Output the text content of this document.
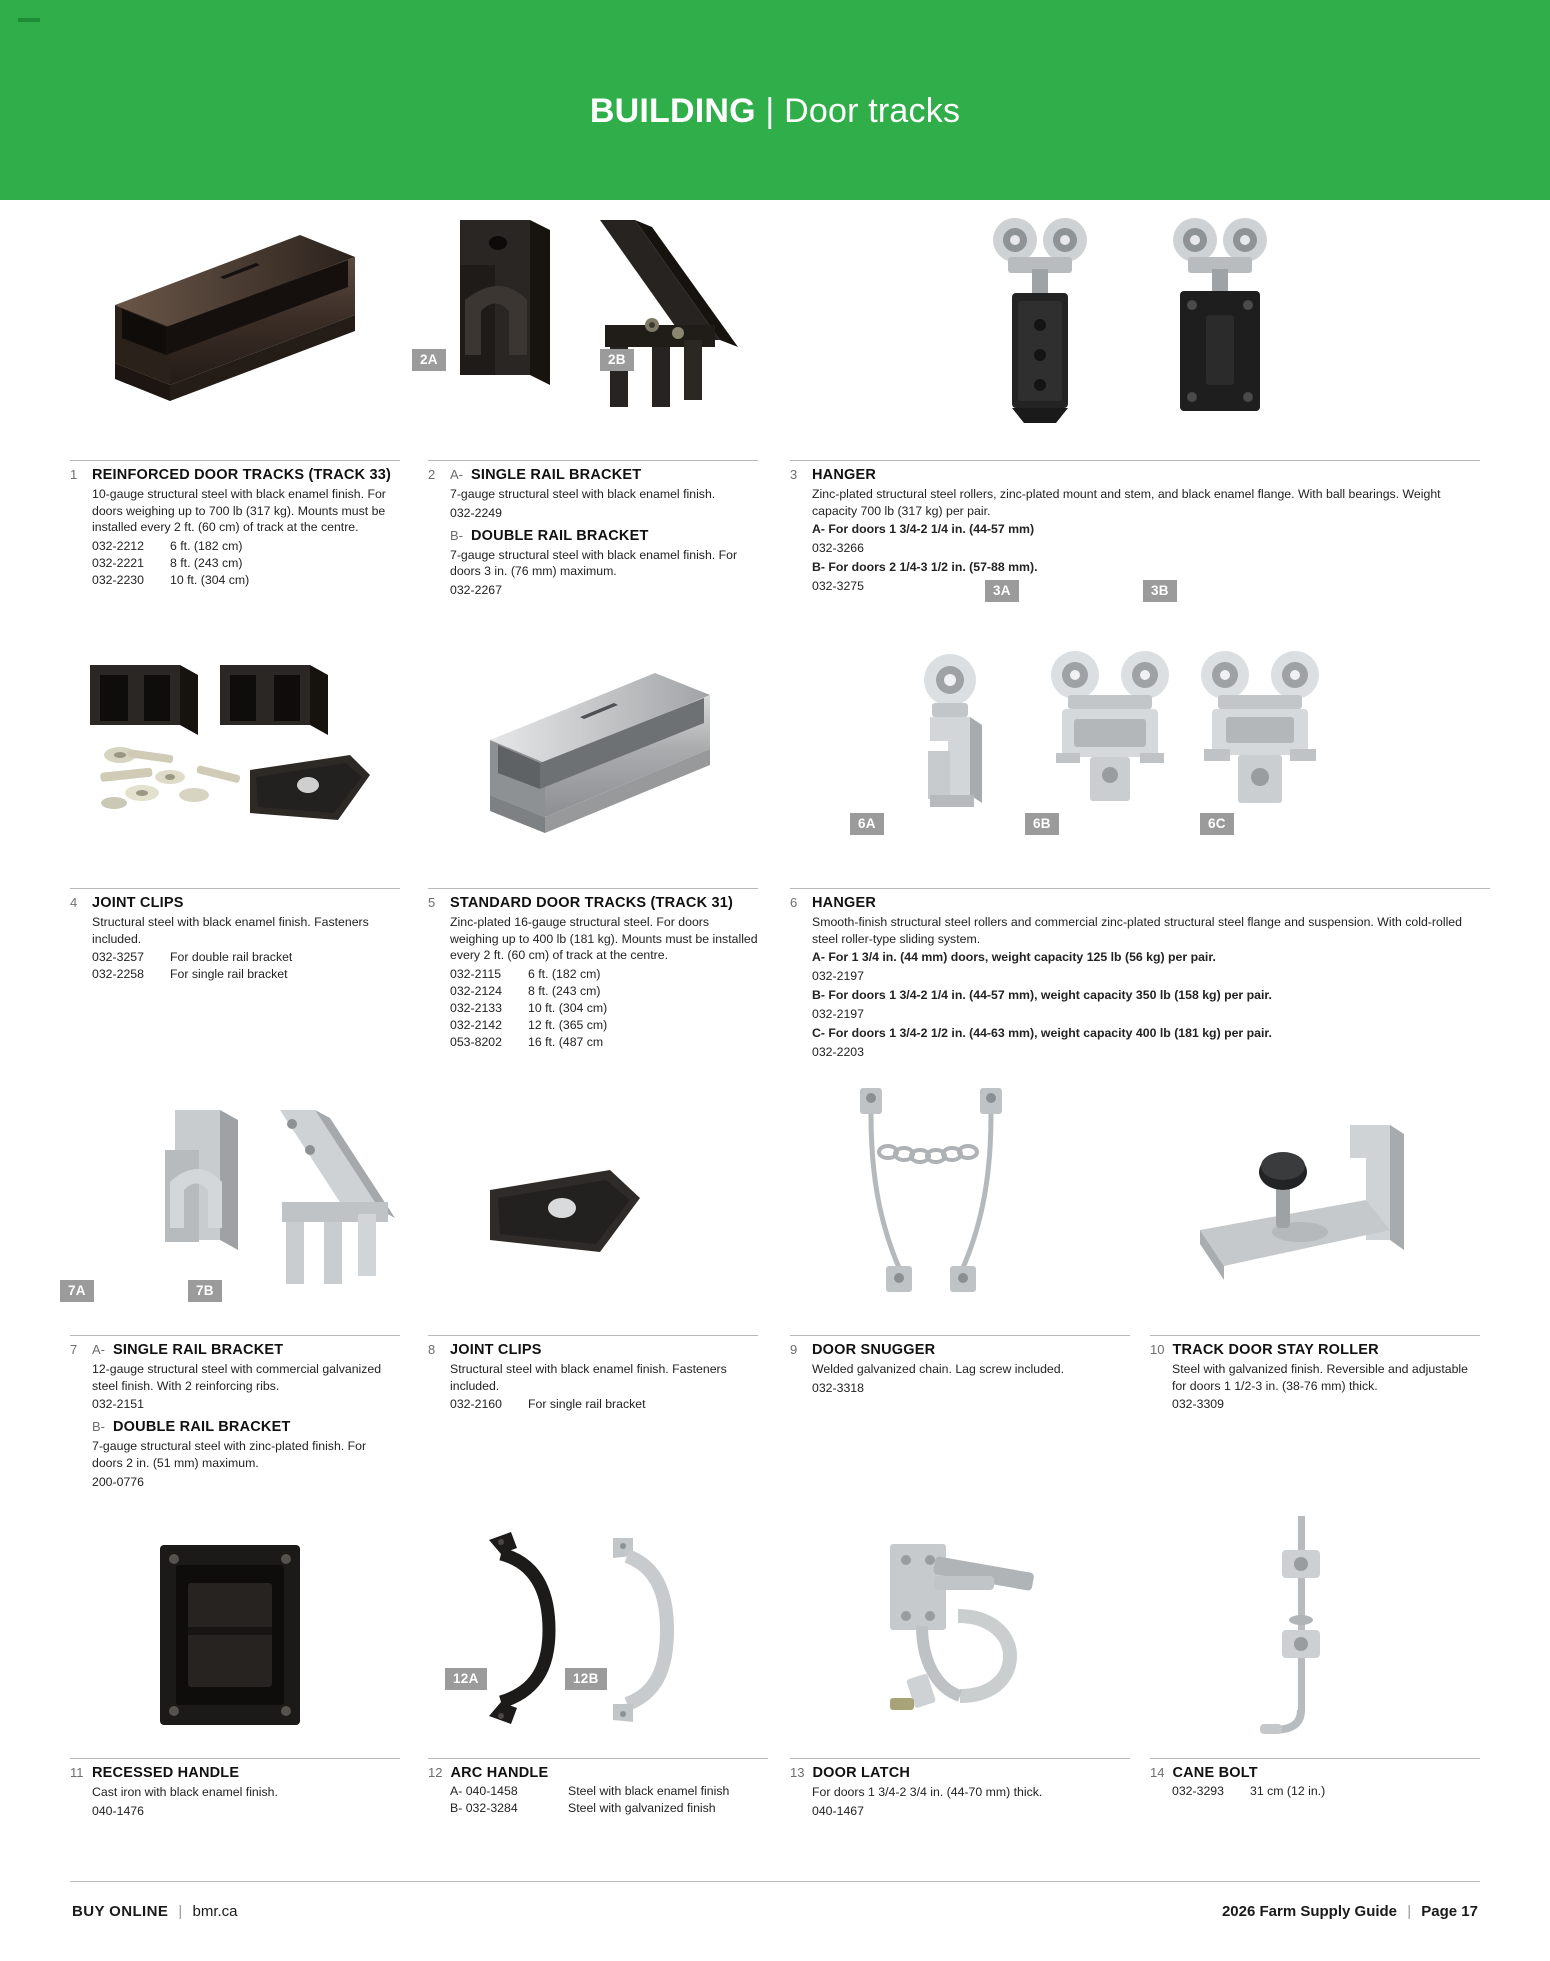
BUILDING | Door tracks
2A	2B
3A	3B
1	REINFORCED DOOR TRACKS (TRACK 33)
10-gauge structural steel with black enamel finish. For doors weighing up to 700 lb (317 kg). Mounts must be installed every 2 ft. (60 cm) of track at the centre.
032-2212	6 ft. (182 cm)
032-2221	8 ft. (243 cm)
032-2230	10 ft. (304 cm)
2	A- SINGLE RAIL BRACKET
7-gauge structural steel with black enamel finish.
032-2249
B- DOUBLE RAIL BRACKET
7-gauge structural steel with black enamel finish. For doors 3 in. (76 mm) maximum.
032-2267
3	HANGER
Zinc-plated structural steel rollers, zinc-plated mount and stem, and black enamel flange. With ball bearings. Weight capacity 700 lb (317 kg) per pair.
A- For doors 1 3/4-2 1/4 in. (44-57 mm)
032-3266
B- For doors 2 1/4-3 1/2 in. (57-88 mm).
032-3275
6A	6B	6C
4	JOINT CLIPS
Structural steel with black enamel finish. Fasteners included.
032-3257	For double rail bracket
032-2258	For single rail bracket
5	STANDARD DOOR TRACKS (TRACK 31)
Zinc-plated 16-gauge structural steel. For doors weighing up to 400 lb (181 kg). Mounts must be installed every 2 ft. (60 cm) of track at the centre.
032-2115	6 ft. (182 cm)
032-2124	8 ft. (243 cm)
032-2133	10 ft. (304 cm)
032-2142	12 ft. (365 cm)
053-8202	16 ft. (487 cm
6	HANGER
Smooth-finish structural steel rollers and commercial zinc-plated structural steel flange and suspension. With cold-rolled steel roller-type sliding system.
A- For 1 3/4 in. (44 mm) doors, weight capacity 125 lb (56 kg) per pair.
032-2197
B- For doors 1 3/4-2 1/4 in. (44-57 mm), weight capacity 350 lb (158 kg) per pair.
032-2197
C- For doors 1 3/4-2 1/2 in. (44-63 mm), weight capacity 400 lb (181 kg) per pair.
032-2203
7A	7B
7	A- SINGLE RAIL BRACKET
12-gauge structural steel with commercial galvanized steel finish. With 2 reinforcing ribs.
032-2151
B- DOUBLE RAIL BRACKET
7-gauge structural steel with zinc-plated finish. For doors 2 in. (51 mm) maximum.
200-0776
8	JOINT CLIPS
Structural steel with black enamel finish. Fasteners included.
032-2160	For single rail bracket
9	DOOR SNUGGER
Welded galvanized chain. Lag screw included.
032-3318
10 TRACK DOOR STAY ROLLER
Steel with galvanized finish. Reversible and adjustable for doors 1 1/2-3 in. (38-76 mm) thick.
032-3309
12A	12B
11 RECESSED HANDLE
Cast iron with black enamel finish.
040-1476
12 ARC HANDLE
A- 040-1458	Steel with black enamel finish
B- 032-3284	Steel with galvanized finish
13 DOOR LATCH
For doors 1 3/4-2 3/4 in. (44-70 mm) thick.
040-1467
14 CANE BOLT
032-3293	31 cm (12 in.)
BUY ONLINE | bmr.ca	2026 Farm Supply Guide | Page 17
